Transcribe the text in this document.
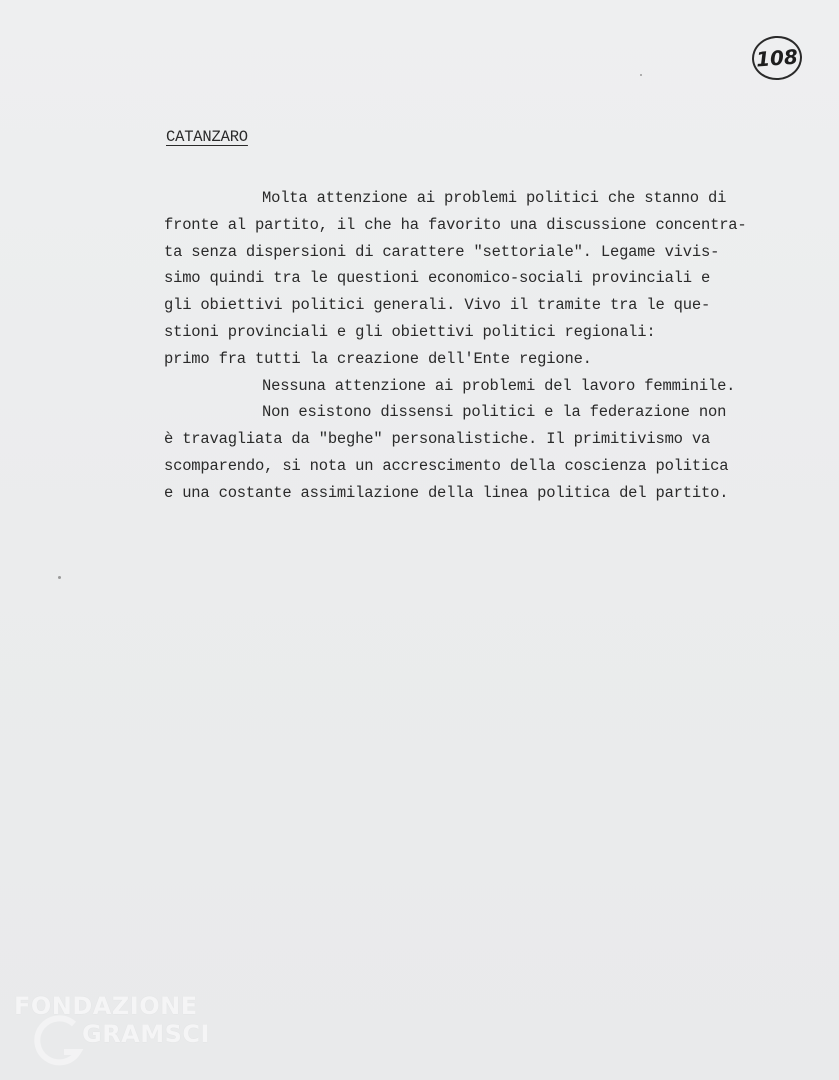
108
CATANZARO
Molta attenzione ai problemi politici che stanno di
fronte al partito, il che ha favorito una discussione concentra-
ta senza dispersioni di carattere "settoriale". Legame vivis-
simo quindi tra le questioni economico-sociali provinciali e
gli obiettivi politici generali. Vivo il tramite tra le que-
stioni provinciali e gli obiettivi politici regionali:
primo fra tutti la creazione dell'Ente regione.
Nessuna attenzione ai problemi del lavoro femminile.
Non esistono dissensi politici e la federazione non
è travagliata da "beghe" personalistiche. Il primitivismo va
scomparendo, si nota un accrescimento della coscienza politica
e una costante assimilazione della linea politica del partito.
FONDAZIONE
GRAMSCI
